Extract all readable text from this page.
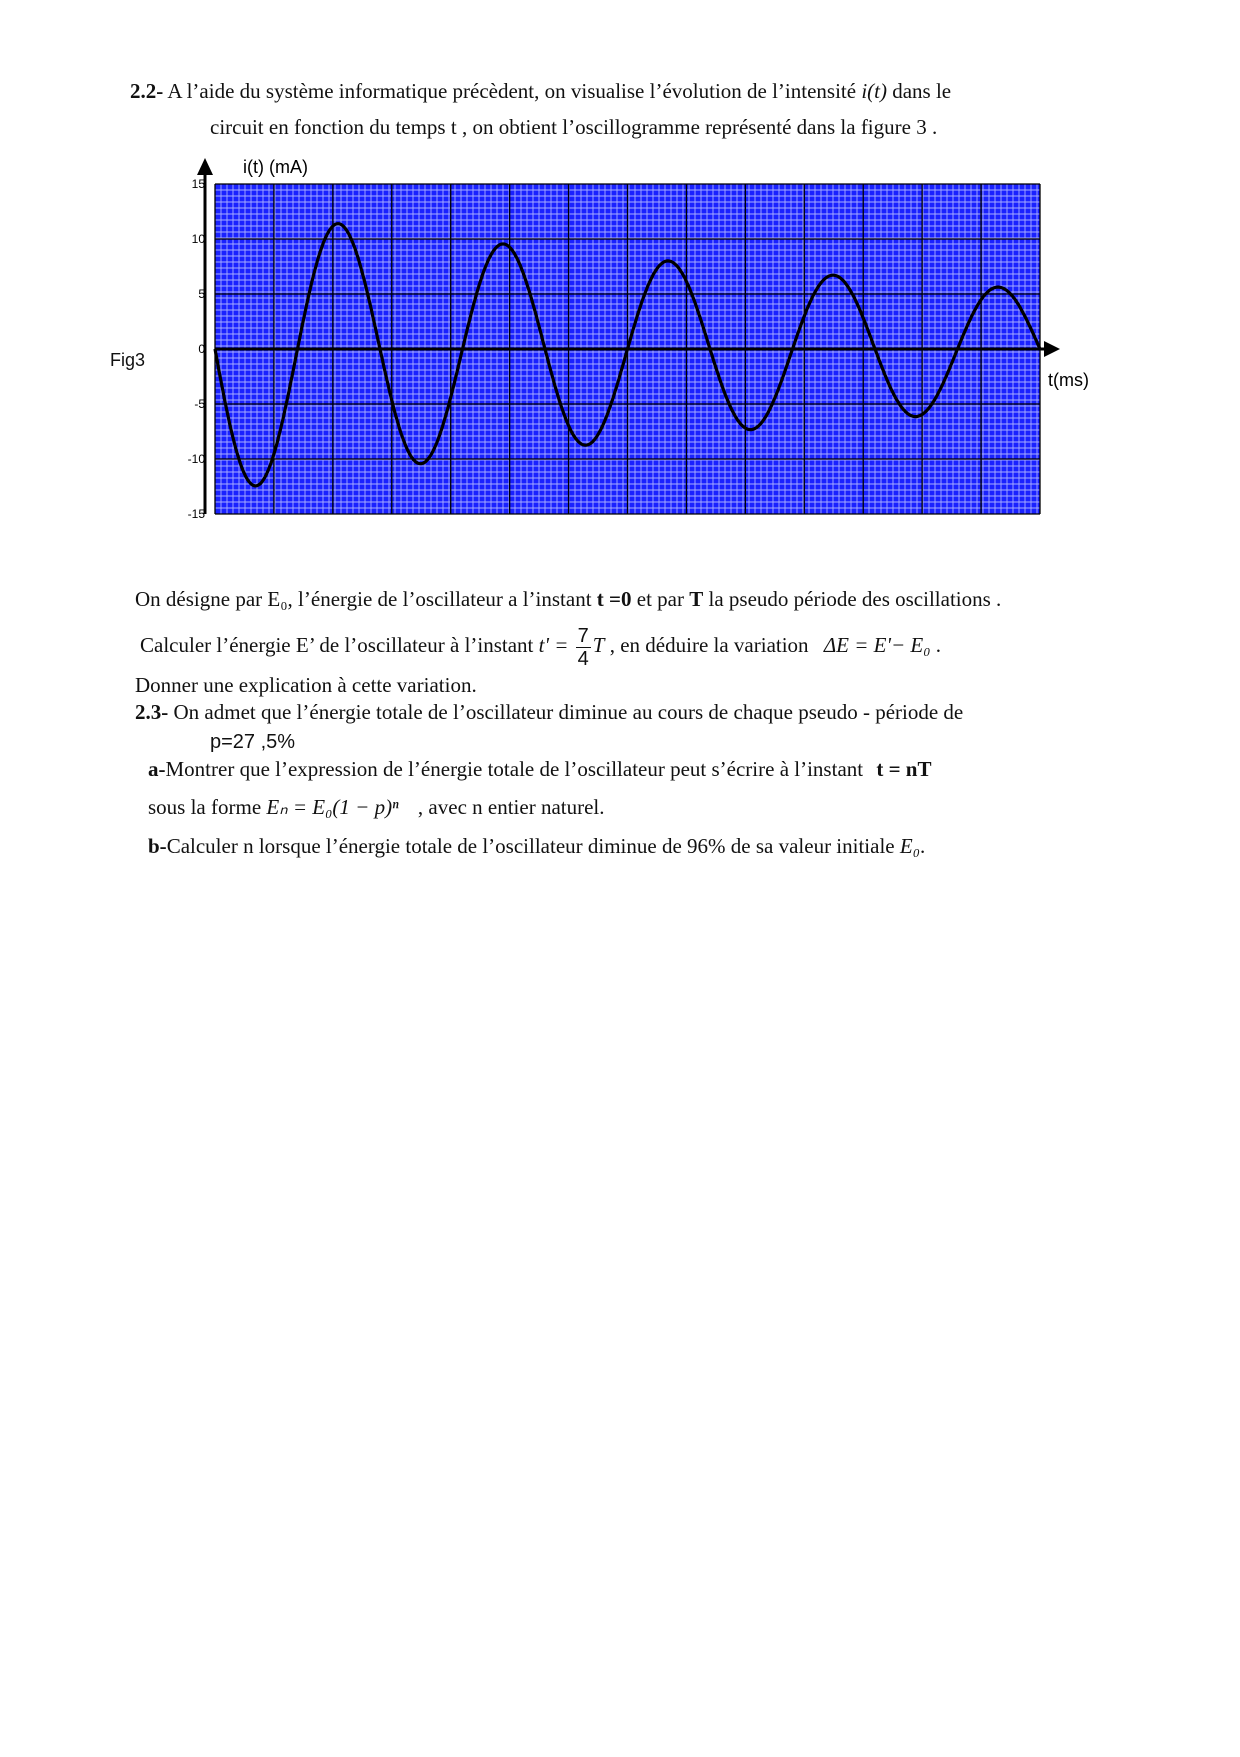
2.2- A l’aide du système informatique précèdent, on visualise l’évolution de l’intensité i(t) dans le
circuit en fonction du temps t , on obtient l’oscillogramme représenté dans la figure 3 .
Fig3
15
10
5
0
-5
-10
-15
i(t) (mA)
t(ms)
On désigne par E₀, l’énergie de l’oscillateur a l’instant t =0 et par T la pseudo période des oscillations .
Calculer l’énergie E’ de l’oscillateur à l’instant $t' = \frac{7}{4}$ T , en déduire la variation ΔE = E'− E₀ .
Donner une explication à cette variation.
2.3- On admet que l’énergie totale de l’oscillateur diminue au cours de chaque pseudo - période de
p=27 ,5%
a-Montrer que l’expression de l’énergie totale de l’oscillateur peut s’écrire à l’instant t = nT
sous la forme Eₙ = E₀(1 − p)ⁿ , avec n entier naturel.
b-Calculer n lorsque l’énergie totale de l’oscillateur diminue de 96% de sa valeur initiale E₀.
